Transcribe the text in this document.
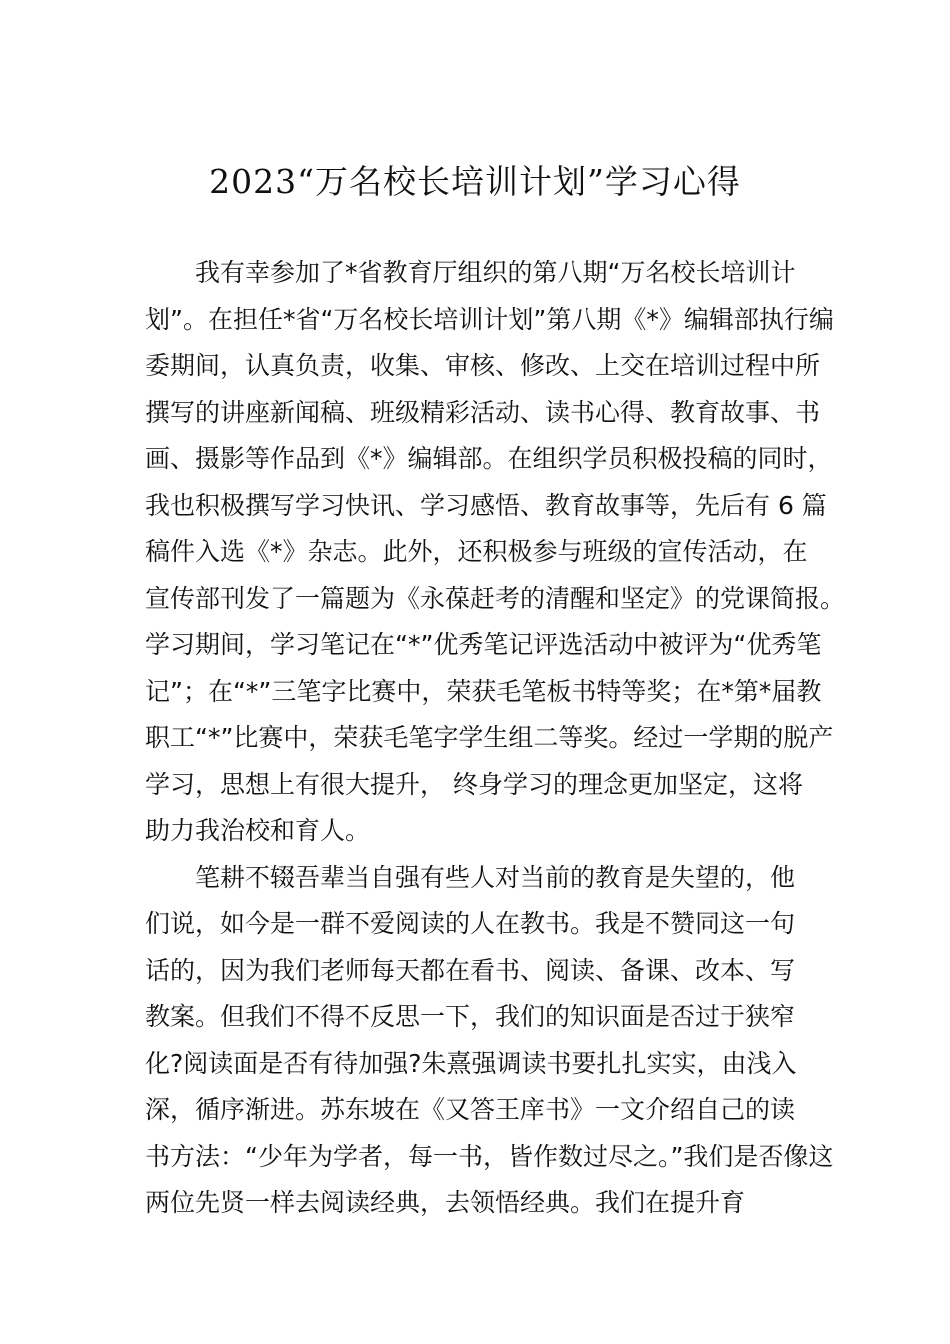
2023“万名校长培训计划”学习心得
我有幸参加了*省教育厅组织的第八期“万名校长培训计
划”。在担任*省“万名校长培训计划”第八期《*》编辑部执行编
委期间，认真负责，收集、审核、修改、上交在培训过程中所
撰写的讲座新闻稿、班级精彩活动、读书心得、教育故事、书
画、摄影等作品到《*》编辑部。在组织学员积极投稿的同时，
我也积极撰写学习快讯、学习感悟、教育故事等，先后有 6 篇
稿件入选《*》杂志。此外，还积极参与班级的宣传活动，在
宣传部刊发了一篇题为《永葆赶考的清醒和坚定》的党课简报。
学习期间，学习笔记在“*”优秀笔记评选活动中被评为“优秀笔
记”；在“*”三笔字比赛中，荣获毛笔板书特等奖；在*第*届教
职工“*”比赛中，荣获毛笔字学生组二等奖。经过一学期的脱产
学习，思想上有很大提升， 终身学习的理念更加坚定，这将
助力我治校和育人。
笔耕不辍吾辈当自强有些人对当前的教育是失望的，他
们说，如今是一群不爱阅读的人在教书。我是不赞同这一句
话的，因为我们老师每天都在看书、阅读、备课、改本、写
教案。但我们不得不反思一下，我们的知识面是否过于狭窄
化?阅读面是否有待加强?朱熹强调读书要扎扎实实，由浅入
深，循序渐进。苏东坡在《又答王庠书》一文介绍自己的读
书方法：“少年为学者，每一书，皆作数过尽之。”我们是否像这
两位先贤一样去阅读经典，去领悟经典。我们在提升育
